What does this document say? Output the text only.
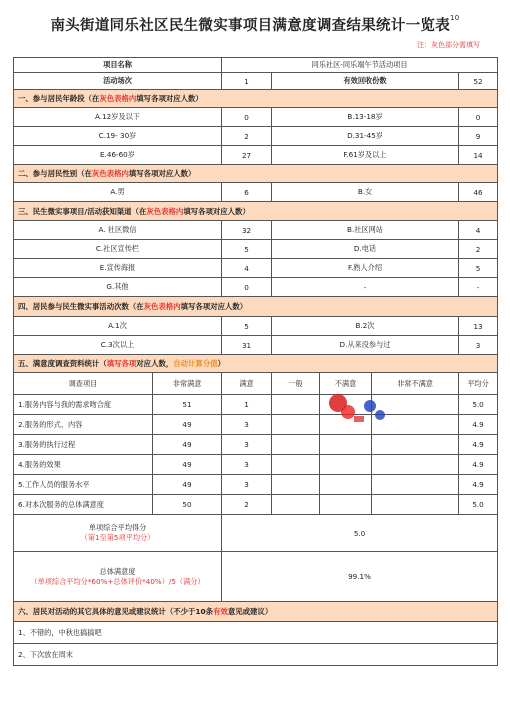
南头街道同乐社区民生微实事项目满意度调查结果统计一览表$^{10}$
注：灰色部分需填写
项目名称		同乐社区-同乐端午节活动项目				
活动场次		1	有效回收份数			52
一、参与居民年龄段（在灰色表格内填写各项对应人数）						
A.12岁及以下		0	B.13-18岁			0
C.19- 30岁		2	D.31-45岁			9
E.46-60岁		27	F.61岁及以上			14
二、参与居民性别（在灰色表格内填写各项对应人数）						
A.男		6	B.女			46
三、民生微实事项目/活动获知渠道（在灰色表格内填写各项对应人数）						
A. 社区微信		32	B.社区网站			4
C.社区宣传栏		5	D.电话			2
E.宣传海报		4	F.熟人介绍			5
G.其他		0	-			-
四、居民参与民生微实事活动次数（在灰色表格内填写各项对应人数）						
A.1次		5	B.2次			13
C.3次以上		31	D.从来没参与过			3
五、满意度调查资料统计（填写各项对应人数，自动计算分值）						
调查项目	非常满意	满意	一般	不满意	非常不满意	平均分
1.服务内容与我的需求吻合度	51	1				5.0
2.服务的形式、内容	49	3				4.9
3.服务的执行过程	49	3				4.9
4.服务的效果	49	3				4.9
5.工作人员的服务水平	49	3				4.9
6.对本次服务的总体满意度	50	2				5.0

单项综合平均得分
（第1至第5项平均分）		5.0				

总体满意度
（单项综合平均分*60%+总体评价*40%）/5（满分）		99.1%				
六、居民对活动的其它具体的意见或建议统计（不少于10条有效意见或建议）						
1、不错的，中秋也搞搞吧						
2、下次放在周末						
